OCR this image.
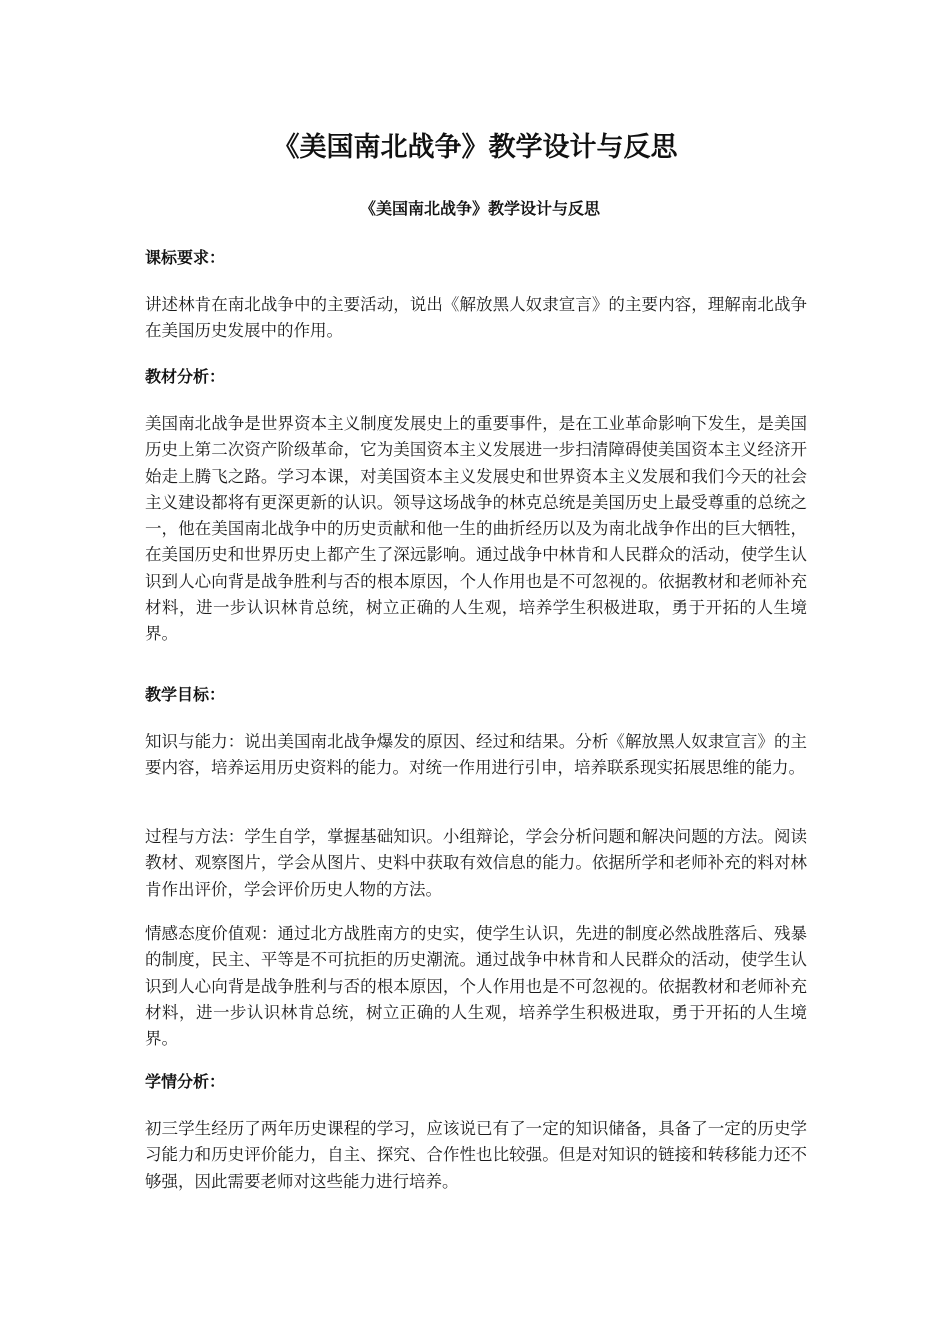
《美国南北战争》教学设计与反思
《美国南北战争》教学设计与反思
课标要求：

讲述林肯在南北战争中的主要活动，说出《解放黑人奴隶宣言》的主要内容，理解南北战争在美国历史发展中的作用。

教材分析：

美国南北战争是世界资本主义制度发展史上的重要事件，是在工业革命影响下发生，是美国历史上第二次资产阶级革命，它为美国资本主义发展进一步扫清障碍使美国资本主义经济开始走上腾飞之路。学习本课，对美国资本主义发展史和世界资本主义发展和我们今天的社会主义建设都将有更深更新的认识。领导这场战争的林克总统是美国历史上最受尊重的总统之一，他在美国南北战争中的历史贡献和他一生的曲折经历以及为南北战争作出的巨大牺牲，在美国历史和世界历史上都产生了深远影响。通过战争中林肯和人民群众的活动，使学生认识到人心向背是战争胜利与否的根本原因，个人作用也是不可忽视的。依据教材和老师补充材料，进一步认识林肯总统，树立正确的人生观，培养学生积极进取，勇于开拓的人生境界。

教学目标：

知识与能力：说出美国南北战争爆发的原因、经过和结果。分析《解放黑人奴隶宣言》的主要内容，培养运用历史资料的能力。对统一作用进行引申，培养联系现实拓展思维的能力。

过程与方法：学生自学，掌握基础知识。小组辩论，学会分析问题和解决问题的方法。阅读教材、观察图片，学会从图片、史料中获取有效信息的能力。依据所学和老师补充的料对林肯作出评价，学会评价历史人物的方法。

情感态度价值观：通过北方战胜南方的史实，使学生认识，先进的制度必然战胜落后、残暴的制度，民主、平等是不可抗拒的历史潮流。通过战争中林肯和人民群众的活动，使学生认识到人心向背是战争胜利与否的根本原因，个人作用也是不可忽视的。依据教材和老师补充材料，进一步认识林肯总统，树立正确的人生观，培养学生积极进取，勇于开拓的人生境界。

学情分析：

初三学生经历了两年历史课程的学习，应该说已有了一定的知识储备，具备了一定的历史学习能力和历史评价能力，自主、探究、合作性也比较强。但是对知识的链接和转移能力还不够强，因此需要老师对这些能力进行培养。
